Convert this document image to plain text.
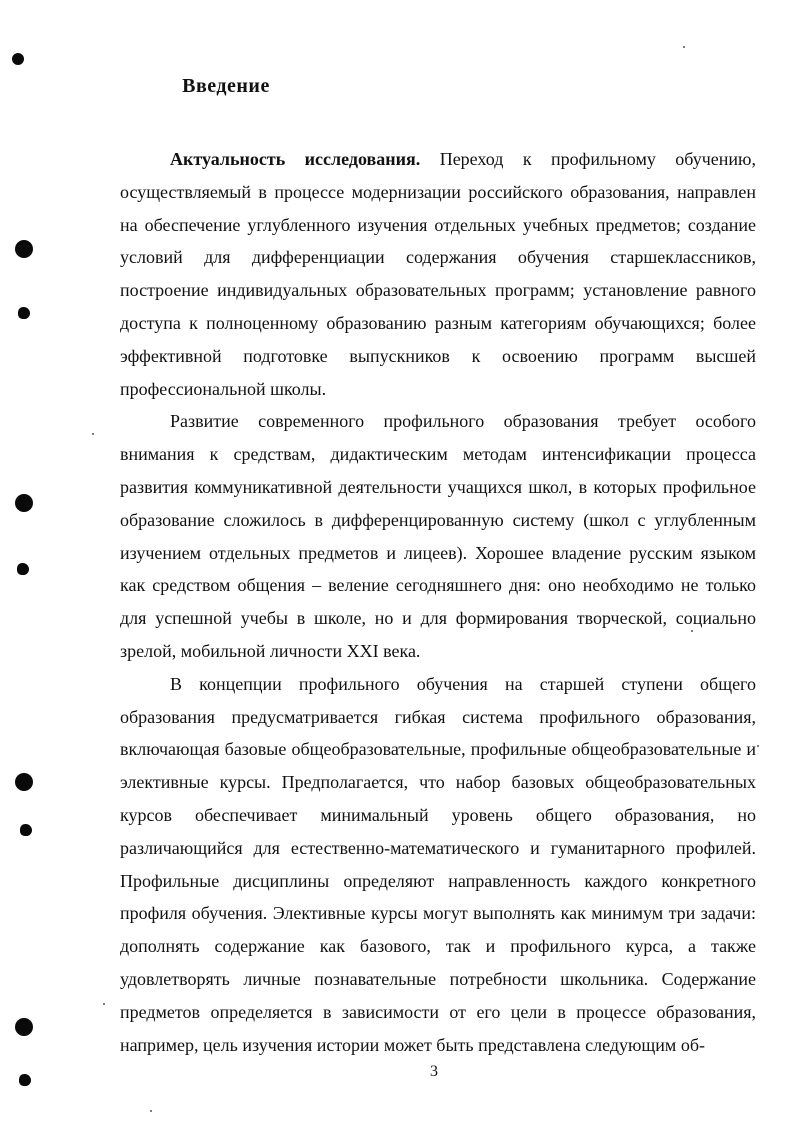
Введение

Актуальность исследования. Переход к профильному обучению, осуществляемый в процессе модернизации российского образования, направлен на обеспечение углубленного изучения отдельных учебных предметов; создание условий для дифференциации содержания обучения старшеклассников, построение индивидуальных образовательных программ; установление равного доступа к полноценному образованию разным категориям обучающихся; более эффективной подготовке выпускников к освоению программ высшей профессиональной школы.

Развитие современного профильного образования требует особого внимания к средствам, дидактическим методам интенсификации процесса развития коммуникативной деятельности учащихся школ, в которых профильное образование сложилось в дифференцированную систему (школ с углубленным изучением отдельных предметов и лицеев). Хорошее владение русским языком как средством общения – веление сегодняшнего дня: оно необходимо не только для успешной учебы в школе, но и для формирования творческой, социально зрелой, мобильной личности XXI века.

В концепции профильного обучения на старшей ступени общего образования предусматривается гибкая система профильного образования, включающая базовые общеобразовательные, профильные общеобразовательные и элективные курсы. Предполагается, что набор базовых общеобразовательных курсов обеспечивает минимальный уровень общего образования, но различающийся для естественно-математического и гуманитарного профилей. Профильные дисциплины определяют направленность каждого конкретного профиля обучения. Элективные курсы могут выполнять как минимум три задачи: дополнять содержание как базового, так и профильного курса, а также удовлетворять личные познавательные потребности школьника. Содержание предметов определяется в зависимости от его цели в процессе образования, например, цель изучения истории может быть представлена следующим об-

3
